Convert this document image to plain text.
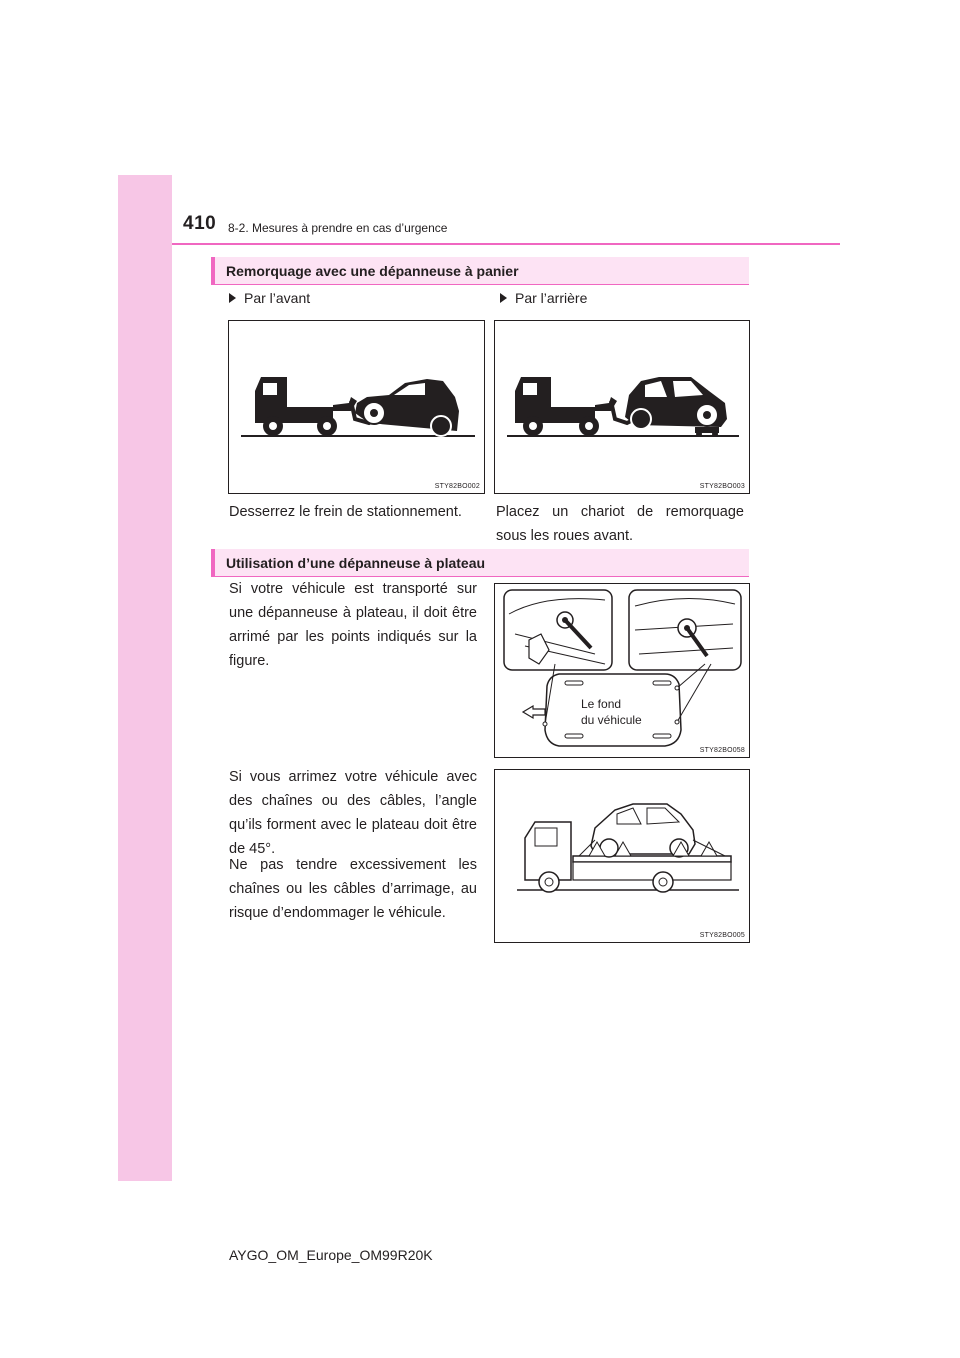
410 8-2. Mesures à prendre en cas d’urgence
Remorquage avec une dépanneuse à panier
Par l’avant	Par l’arrière
STY82BO002	STY82BO003

Desserrez le frein de stationnement.	Placez un chariot de remorquage sous les roues avant.

Utilisation d’une dépanneuse à plateau

Si votre véhicule est transporté sur une dépanneuse à plateau, il doit être arrimé par les points indiqués sur la figure.

Le fond
du véhicule
STY82BO058

Si vous arrimez votre véhicule avec des chaînes ou des câbles, l’angle qu’ils forment avec le plateau doit être de 45°.

Ne pas tendre excessivement les chaînes ou les câbles d’arrimage, au risque d’endommager le véhicule.

STY82BO005
AYGO_OM_Europe_OM99R20K
